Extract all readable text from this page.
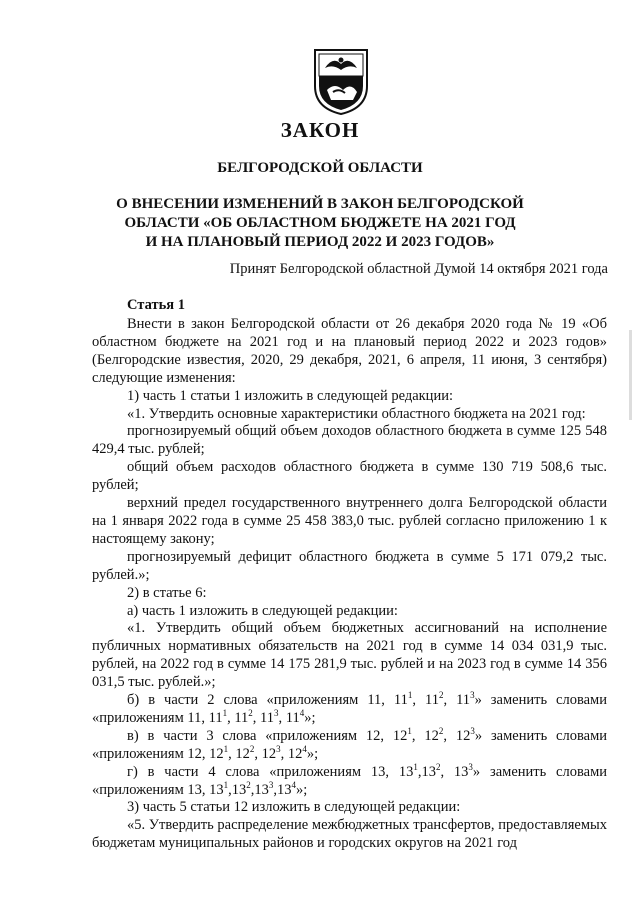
ЗАКОН
БЕЛГОРОДСКОЙ ОБЛАСТИ
О ВНЕСЕНИИ ИЗМЕНЕНИЙ В ЗАКОН БЕЛГОРОДСКОЙ
ОБЛАСТИ «ОБ ОБЛАСТНОМ БЮДЖЕТЕ НА 2021 ГОД
И НА ПЛАНОВЫЙ ПЕРИОД 2022 И 2023 ГОДОВ»
Принят Белгородской областной Думой 14 октября 2021 года
Статья 1

Внести в закон Белгородской области от 26 декабря 2020 года № 19 «Об областном бюджете на 2021 год и на плановый период 2022 и 2023 годов» (Белгородские известия, 2020, 29 декабря, 2021, 6 апреля, 11 июня, 3 сентября) следующие изменения:

1) часть 1 статьи 1 изложить в следующей редакции:

«1. Утвердить основные характеристики областного бюджета на 2021 год:

прогнозируемый общий объем доходов областного бюджета в сумме 125 548 429,4 тыс. рублей;

общий объем расходов областного бюджета в сумме 130 719 508,6 тыс. рублей;

верхний предел государственного внутреннего долга Белгородской области на 1 января 2022 года в сумме 25 458 383,0 тыс. рублей согласно приложению 1 к настоящему закону;

прогнозируемый дефицит областного бюджета в сумме 5 171 079,2 тыс. рублей.»;

2) в статье 6:

а) часть 1 изложить в следующей редакции:

«1. Утвердить общий объем бюджетных ассигнований на исполнение публичных нормативных обязательств на 2021 год в сумме 14 034 031,9 тыс. рублей, на 2022 год в сумме 14 175 281,9 тыс. рублей и на 2023 год в сумме 14 356 031,5 тыс. рублей.»;

б) в части 2 слова «приложениям 11, $11^1$, $11^2$, $11^3$» заменить словами «приложениям 11, $11^1$, $11^2$, $11^3$, $11^4$»;

в) в части 3 слова «приложениям 12, $12^1$, $12^2$, $12^3$» заменить словами «приложениям 12, $12^1$, $12^2$, $12^3$, $12^4$»;

г) в части 4 слова «приложениям 13, $13^1,13^2$, $13^3$» заменить словами «приложениям 13, $13^1,13^2,13^3,13^4$»;

3) часть 5 статьи 12 изложить в следующей редакции:

«5. Утвердить распределение межбюджетных трансфертов, предоставляемых бюджетам муниципальных районов и городских округов на 2021 год
